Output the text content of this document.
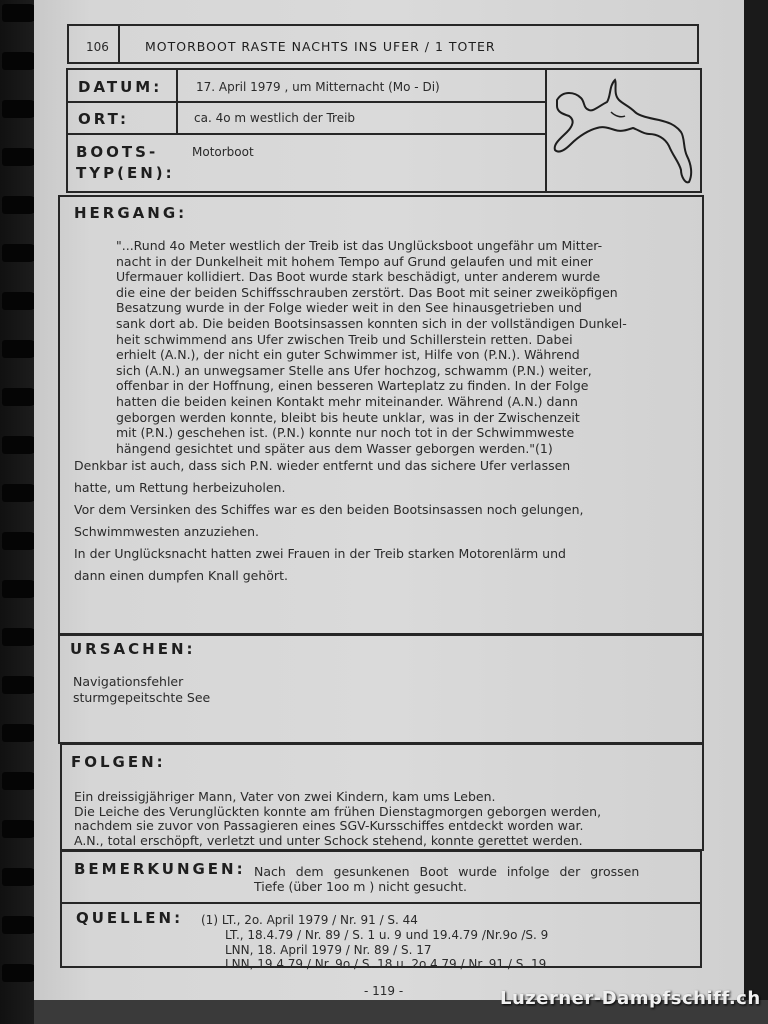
106	MOTORBOOT RASTE NACHTS INS UFER / 1 TOTER
DATUM:	17. April 1979 , um Mitternacht (Mo - Di)
ORT:	ca. 4o m westlich der Treib
BOOTS-
TYP(EN):
Motorboot
HERGANG:
"...Rund 4o Meter westlich der Treib ist das Unglücksboot ungefähr um Mitter-
nacht in der Dunkelheit mit hohem Tempo auf Grund gelaufen und mit einer
Ufermauer kollidiert. Das Boot wurde stark beschädigt, unter anderem wurde
die eine der beiden Schiffsschrauben zerstört. Das Boot mit seiner zweiköpfigen
Besatzung wurde in der Folge wieder weit in den See hinausgetrieben und
sank dort ab. Die beiden Bootsinsassen konnten sich in der vollständigen Dunkel-
heit schwimmend ans Ufer zwischen Treib und Schillerstein retten. Dabei
erhielt (A.N.), der nicht ein guter Schwimmer ist, Hilfe von (P.N.). Während
sich (A.N.) an unwegsamer Stelle ans Ufer hochzog, schwamm (P.N.) weiter,
offenbar in der Hoffnung, einen besseren Warteplatz zu finden. In der Folge
hatten die beiden keinen Kontakt mehr miteinander. Während (A.N.) dann
geborgen werden konnte, bleibt bis heute unklar, was in der Zwischenzeit
mit (P.N.) geschehen ist. (P.N.) konnte nur noch tot in der Schwimmweste
hängend gesichtet und später aus dem Wasser geborgen werden."(1)
Denkbar ist auch, dass sich P.N. wieder entfernt und das sichere Ufer verlassen
hatte, um Rettung herbeizuholen.
Vor dem Versinken des Schiffes war es den beiden Bootsinsassen noch gelungen,
Schwimmwesten anzuziehen.
In der Unglücksnacht hatten zwei Frauen in der Treib starken Motorenlärm und
dann einen dumpfen Knall gehört.
URSACHEN:
Navigationsfehler
sturmgepeitschte See
FOLGEN:
Ein dreissigjähriger Mann, Vater von zwei Kindern, kam ums Leben.
Die Leiche des Verunglückten konnte am frühen Dienstagmorgen geborgen werden,
nachdem sie zuvor von Passagieren eines SGV-Kursschiffes entdeckt worden war.
A.N., total erschöpft, verletzt und unter Schock stehend, konnte gerettet werden.
BEMERKUNGEN: Nach dem gesunkenen Boot wurde infolge der grossen
Tiefe (über 1oo m ) nicht gesucht.
QUELLEN: (1) LT., 2o. April 1979 / Nr. 91 / S. 44
LT., 18.4.79 / Nr. 89 / S. 1 u. 9 und 19.4.79 /Nr.9o /S. 9
LNN, 18. April 1979 / Nr. 89 / S. 17
LNN, 19.4.79 / Nr. 9o / S. 18 u. 2o.4.79 / Nr. 91 / S. 19
- 119 -	Luzerner-Dampfschiff.ch
